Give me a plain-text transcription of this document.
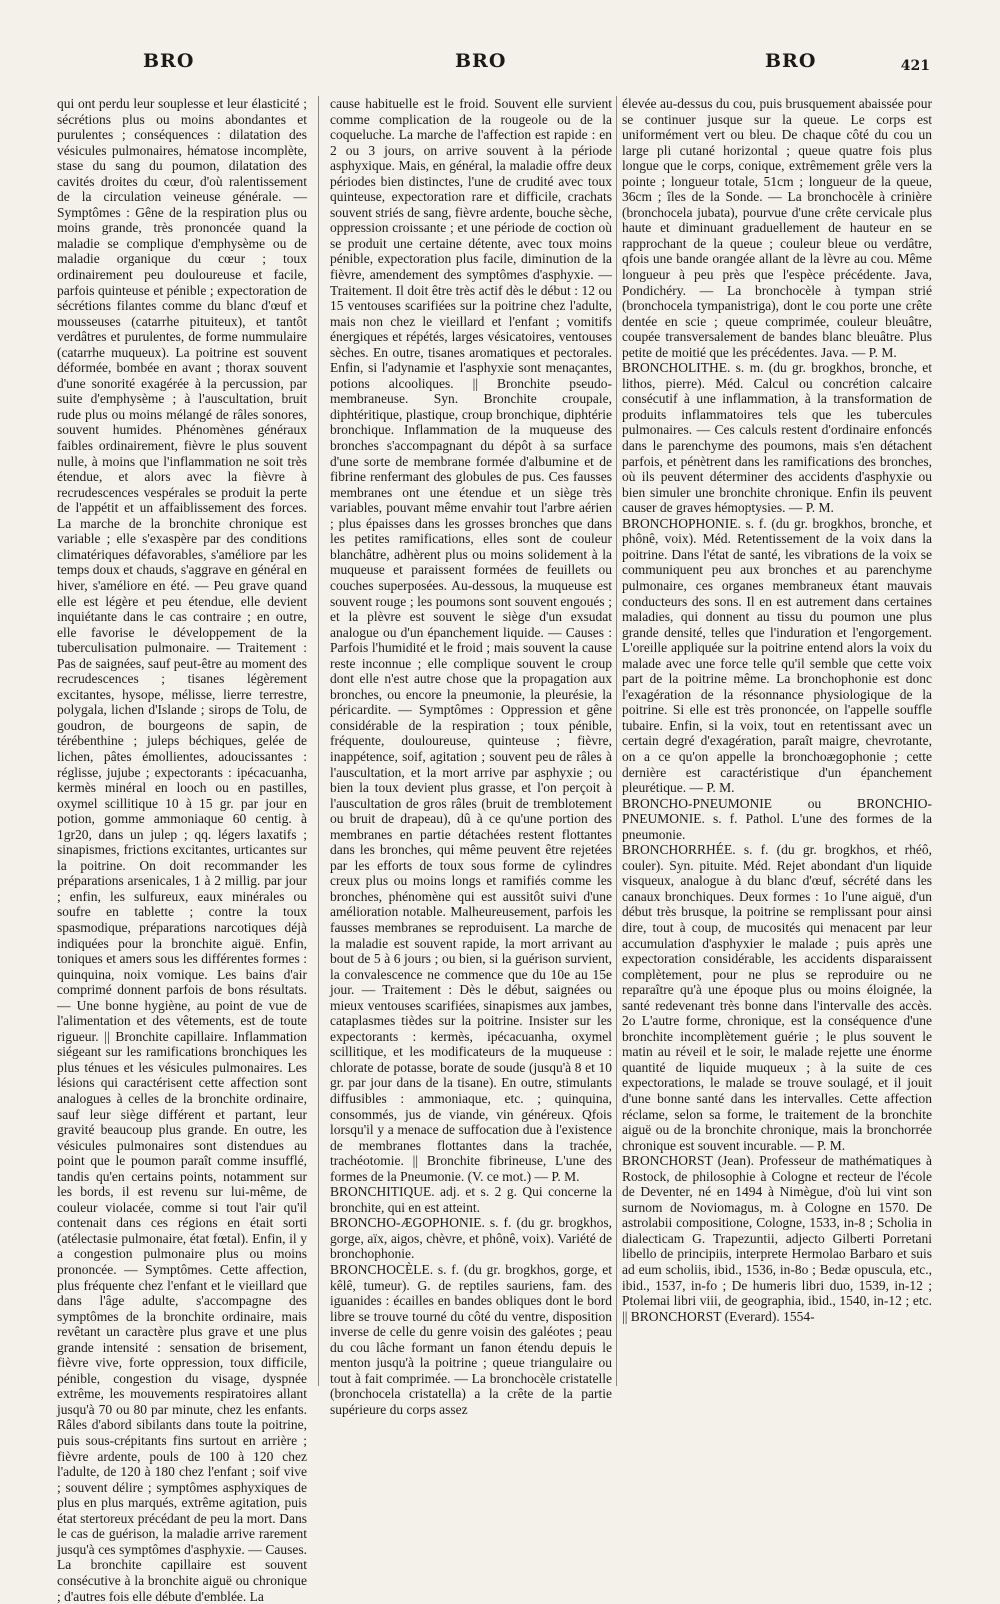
BRO	BRO	BRO	421

qui ont perdu leur souplesse et leur élasticité ; sécrétions plus ou moins abondantes et purulentes ; conséquences : dilatation des vésicules pulmonaires, hématose incomplète, stase du sang du poumon, dilatation des cavités droites du cœur, d'où ralentissement de la circulation veineuse générale. — Symptômes : Gêne de la respiration plus ou moins grande, très prononcée quand la maladie se complique d'emphysème ou de maladie organique du cœur ; toux ordinairement peu douloureuse et facile, parfois quinteuse et pénible ; expectoration de sécrétions filantes comme du blanc d'œuf et mousseuses (catarrhe pituiteux), et tantôt verdâtres et purulentes, de forme nummulaire (catarrhe muqueux). La poitrine est souvent déformée, bombée en avant ; thorax souvent d'une sonorité exagérée à la percussion, par suite d'emphysème ; à l'auscultation, bruit rude plus ou moins mélangé de râles sonores, souvent humides. Phénomènes généraux faibles ordinairement, fièvre le plus souvent nulle, à moins que l'inflammation ne soit très étendue, et alors avec la fièvre à recrudescences vespérales se produit la perte de l'appétit et un affaiblissement des forces. La marche de la bronchite chronique est variable ; elle s'exaspère par des conditions climatériques défavorables, s'améliore par les temps doux et chauds, s'aggrave en général en hiver, s'améliore en été. — Peu grave quand elle est légère et peu étendue, elle devient inquiétante dans le cas contraire ; en outre, elle favorise le développement de la tuberculisation pulmonaire. — Traitement : Pas de saignées, sauf peut-être au moment des recrudescences ; tisanes légèrement excitantes, hysope, mélisse, lierre terrestre, polygala, lichen d'Islande ; sirops de Tolu, de goudron, de bourgeons de sapin, de térébenthine ; juleps béchiques, gelée de lichen, pâtes émollientes, adoucissantes : réglisse, jujube ; expectorants : ipécacuanha, kermès minéral en looch ou en pastilles, oxymel scillitique 10 à 15 gr. par jour en potion, gomme ammoniaque 60 centig. à 1gr20, dans un julep ; qq. légers laxatifs ; sinapismes, frictions excitantes, urticantes sur la poitrine. On doit recommander les préparations arsenicales, 1 à 2 millig. par jour ; enfin, les sulfureux, eaux minérales ou soufre en tablette ; contre la toux spasmodique, préparations narcotiques déjà indiquées pour la bronchite aiguë. Enfin, toniques et amers sous les différentes formes : quinquina, noix vomique. Les bains d'air comprimé donnent parfois de bons résultats. — Une bonne hygiène, au point de vue de l'alimentation et des vêtements, est de toute rigueur. || Bronchite capillaire. Inflammation siégeant sur les ramifications bronchiques les plus ténues et les vésicules pulmonaires. Les lésions qui caractérisent cette affection sont analogues à celles de la bronchite ordinaire, sauf leur siège différent et partant, leur gravité beaucoup plus grande. En outre, les vésicules pulmonaires sont distendues au point que le poumon paraît comme insufflé, tandis qu'en certains points, notamment sur les bords, il est revenu sur lui-même, de couleur violacée, comme si tout l'air qu'il contenait dans ces régions en était sorti (atélectasie pulmonaire, état fœtal). Enfin, il y a congestion pulmonaire plus ou moins prononcée. — Symptômes. Cette affection, plus fréquente chez l'enfant et le vieillard que dans l'âge adulte, s'accompagne des symptômes de la bronchite ordinaire, mais revêtant un caractère plus grave et une plus grande intensité : sensation de brisement, fièvre vive, forte oppression, toux difficile, pénible, congestion du visage, dyspnée extrême, les mouvements respiratoires allant jusqu'à 70 ou 80 par minute, chez les enfants. Râles d'abord sibilants dans toute la poitrine, puis sous-crépitants fins surtout en arrière ; fièvre ardente, pouls de 100 à 120 chez l'adulte, de 120 à 180 chez l'enfant ; soif vive ; souvent délire ; symptômes asphyxiques de plus en plus marqués, extrême agitation, puis état stertoreux précédant de peu la mort. Dans le cas de guérison, la maladie arrive rarement jusqu'à ces symptômes d'asphyxie. — Causes. La bronchite capillaire est souvent consécutive à la bronchite aiguë ou chronique ; d'autres fois elle débute d'emblée. La

cause habituelle est le froid. Souvent elle survient comme complication de la rougeole ou de la coqueluche. La marche de l'affection est rapide : en 2 ou 3 jours, on arrive souvent à la période asphyxique. Mais, en général, la maladie offre deux périodes bien distinctes, l'une de crudité avec toux quinteuse, expectoration rare et difficile, crachats souvent striés de sang, fièvre ardente, bouche sèche, oppression croissante ; et une période de coction où se produit une certaine détente, avec toux moins pénible, expectoration plus facile, diminution de la fièvre, amendement des symptômes d'asphyxie. — Traitement. Il doit être très actif dès le début : 12 ou 15 ventouses scarifiées sur la poitrine chez l'adulte, mais non chez le vieillard et l'enfant ; vomitifs énergiques et répétés, larges vésicatoires, ventouses sèches. En outre, tisanes aromatiques et pectorales. Enfin, si l'adynamie et l'asphyxie sont menaçantes, potions alcooliques. || Bronchite pseudo-membraneuse. Syn. Bronchite croupale, diphtéritique, plastique, croup bronchique, diphtérie bronchique. Inflammation de la muqueuse des bronches s'accompagnant du dépôt à sa surface d'une sorte de membrane formée d'albumine et de fibrine renfermant des globules de pus. Ces fausses membranes ont une étendue et un siège très variables, pouvant même envahir tout l'arbre aérien ; plus épaisses dans les grosses bronches que dans les petites ramifications, elles sont de couleur blanchâtre, adhèrent plus ou moins solidement à la muqueuse et paraissent formées de feuillets ou couches superposées. Au-dessous, la muqueuse est souvent rouge ; les poumons sont souvent engoués ; et la plèvre est souvent le siège d'un exsudat analogue ou d'un épanchement liquide. — Causes : Parfois l'humidité et le froid ; mais souvent la cause reste inconnue ; elle complique souvent le croup dont elle n'est autre chose que la propagation aux bronches, ou encore la pneumonie, la pleurésie, la péricardite. — Symptômes : Oppression et gêne considérable de la respiration ; toux pénible, fréquente, douloureuse, quinteuse ; fièvre, inappétence, soif, agitation ; souvent peu de râles à l'auscultation, et la mort arrive par asphyxie ; ou bien la toux devient plus grasse, et l'on perçoit à l'auscultation de gros râles (bruit de tremblotement ou bruit de drapeau), dû à ce qu'une portion des membranes en partie détachées restent flottantes dans les bronches, qui même peuvent être rejetées par les efforts de toux sous forme de cylindres creux plus ou moins longs et ramifiés comme les bronches, phénomène qui est aussitôt suivi d'une amélioration notable. Malheureusement, parfois les fausses membranes se reproduisent. La marche de la maladie est souvent rapide, la mort arrivant au bout de 5 à 6 jours ; ou bien, si la guérison survient, la convalescence ne commence que du 10e au 15e jour. — Traitement : Dès le début, saignées ou mieux ventouses scarifiées, sinapismes aux jambes, cataplasmes tièdes sur la poitrine. Insister sur les expectorants : kermès, ipécacuanha, oxymel scillitique, et les modificateurs de la muqueuse : chlorate de potasse, borate de soude (jusqu'à 8 et 10 gr. par jour dans de la tisane). En outre, stimulants diffusibles : ammoniaque, etc. ; quinquina, consommés, jus de viande, vin généreux. Qfois lorsqu'il y a menace de suffocation due à l'existence de membranes flottantes dans la trachée, trachéotomie. || Bronchite fibrineuse, L'une des formes de la Pneumonie. (V. ce mot.) — P. M.

BRONCHITIQUE. adj. et s. 2 g. Qui concerne la bronchite, qui en est atteint.

BRONCHO-ÆGOPHONIE. s. f. (du gr. brogkhos, gorge, aïx, aigos, chèvre, et phônê, voix). Variété de bronchophonie.

BRONCHOCÈLE. s. f. (du gr. brogkhos, gorge, et kêlê, tumeur). G. de reptiles sauriens, fam. des iguanides : écailles en bandes obliques dont le bord libre se trouve tourné du côté du ventre, disposition inverse de celle du genre voisin des galéotes ; peau du cou lâche formant un fanon étendu depuis le menton jusqu'à la poitrine ; queue triangulaire ou tout à fait comprimée. — La bronchocèle cristatelle (bronchocela cristatella) a la crête de la partie supérieure du corps assez

élevée au-dessus du cou, puis brusquement abaissée pour se continuer jusque sur la queue. Le corps est uniformément vert ou bleu. De chaque côté du cou un large pli cutané horizontal ; queue quatre fois plus longue que le corps, conique, extrêmement grêle vers la pointe ; longueur totale, 51cm ; longueur de la queue, 36cm ; îles de la Sonde. — La bronchocèle à crinière (bronchocela jubata), pourvue d'une crête cervicale plus haute et diminuant graduellement de hauteur en se rapprochant de la queue ; couleur bleue ou verdâtre, qfois une bande orangée allant de la lèvre au cou. Même longueur à peu près que l'espèce précédente. Java, Pondichéry. — La bronchocèle à tympan strié (bronchocela tympanistriga), dont le cou porte une crête dentée en scie ; queue comprimée, couleur bleuâtre, coupée transversalement de bandes blanc bleuâtre. Plus petite de moitié que les précédentes. Java. — P. M.

BRONCHOLITHE. s. m. (du gr. brogkhos, bronche, et lithos, pierre). Méd. Calcul ou concrétion calcaire consécutif à une inflammation, à la transformation de produits inflammatoires tels que les tubercules pulmonaires. — Ces calculs restent d'ordinaire enfoncés dans le parenchyme des poumons, mais s'en détachent parfois, et pénètrent dans les ramifications des bronches, où ils peuvent déterminer des accidents d'asphyxie ou bien simuler une bronchite chronique. Enfin ils peuvent causer de graves hémoptysies. — P. M.

BRONCHOPHONIE. s. f. (du gr. brogkhos, bronche, et phônê, voix). Méd. Retentissement de la voix dans la poitrine. Dans l'état de santé, les vibrations de la voix se communiquent peu aux bronches et au parenchyme pulmonaire, ces organes membraneux étant mauvais conducteurs des sons. Il en est autrement dans certaines maladies, qui donnent au tissu du poumon une plus grande densité, telles que l'induration et l'engorgement. L'oreille appliquée sur la poitrine entend alors la voix du malade avec une force telle qu'il semble que cette voix part de la poitrine même. La bronchophonie est donc l'exagération de la résonnance physiologique de la poitrine. Si elle est très prononcée, on l'appelle souffle tubaire. Enfin, si la voix, tout en retentissant avec un certain degré d'exagération, paraît maigre, chevrotante, on a ce qu'on appelle la bronchoægophonie ; cette dernière est caractéristique d'un épanchement pleurétique. — P. M.

BRONCHO-PNEUMONIE ou BRONCHIO-PNEUMONIE. s. f. Pathol. L'une des formes de la pneumonie.

BRONCHORRHÉE. s. f. (du gr. brogkhos, et rhéô, couler). Syn. pituite. Méd. Rejet abondant d'un liquide visqueux, analogue à du blanc d'œuf, sécrété dans les canaux bronchiques. Deux formes : 1o l'une aiguë, d'un début très brusque, la poitrine se remplissant pour ainsi dire, tout à coup, de mucosités qui menacent par leur accumulation d'asphyxier le malade ; puis après une expectoration considérable, les accidents disparaissent complètement, pour ne plus se reproduire ou ne reparaître qu'à une époque plus ou moins éloignée, la santé redevenant très bonne dans l'intervalle des accès. 2o L'autre forme, chronique, est la conséquence d'une bronchite incomplètement guérie ; le plus souvent le matin au réveil et le soir, le malade rejette une énorme quantité de liquide muqueux ; à la suite de ces expectorations, le malade se trouve soulagé, et il jouit d'une bonne santé dans les intervalles. Cette affection réclame, selon sa forme, le traitement de la bronchite aiguë ou de la bronchite chronique, mais la bronchorrée chronique est souvent incurable. — P. M.

BRONCHORST (Jean). Professeur de mathématiques à Rostock, de philosophie à Cologne et recteur de l'école de Deventer, né en 1494 à Nimègue, d'où lui vint son surnom de Noviomagus, m. à Cologne en 1570. De astrolabii compositione, Cologne, 1533, in-8 ; Scholia in dialecticam G. Trapezuntii, adjecto Gilberti Porretani libello de principiis, interprete Hermolao Barbaro et suis ad eum scholiis, ibid., 1536, in-8o ; Bedæ opuscula, etc., ibid., 1537, in-fo ; De humeris libri duo, 1539, in-12 ; Ptolemai libri viii, de geographia, ibid., 1540, in-12 ; etc. || BRONCHORST (Everard). 1554-
